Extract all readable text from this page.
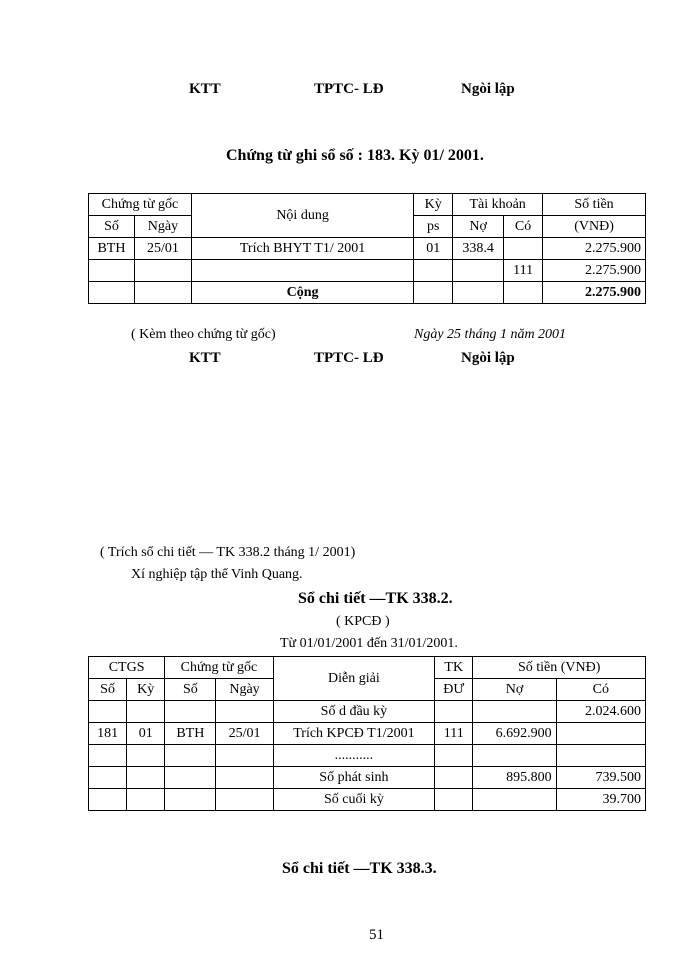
KTT	TPTC- LĐ	Ngòi lập
Chứng từ ghi sổ số : 183. Kỳ 01/ 2001.
Chứng từ gốc		Nội dung	Kỳ	Tài khoản		Số tiền
Số	Ngày		ps	Nợ	Có	(VNĐ)
BTH	25/01	Trích BHYT T1/ 2001	01	338.4		2.275.900
					111	2.275.900
		Cộng				2.275.900
( Kèm theo chứng từ gốc)	Ngày 25 tháng 1 năm 2001
KTT	TPTC- LĐ	Ngòi lập
( Trích sổ chi tiết — TK 338.2 tháng 1/ 2001)
Xí nghiệp tập thể Vinh Quang.
Sổ chi tiết —TK 338.2.
( KPCĐ )
Từ 01/01/2001 đến 31/01/2001.
CTGS		Chứng từ gốc		Diễn giải	TK	Số tiền (VNĐ)	
Số	Kỳ	Số	Ngày		ĐƯ	Nợ	Có
				Số d đầu kỳ			2.024.600
181	01	BTH	25/01	Trích KPCĐ T1/2001	111	6.692.900	
				...........			
				Số phát sinh		895.800	739.500
				Số cuối kỳ			39.700
Sổ chi tiết —TK 338.3.
51
